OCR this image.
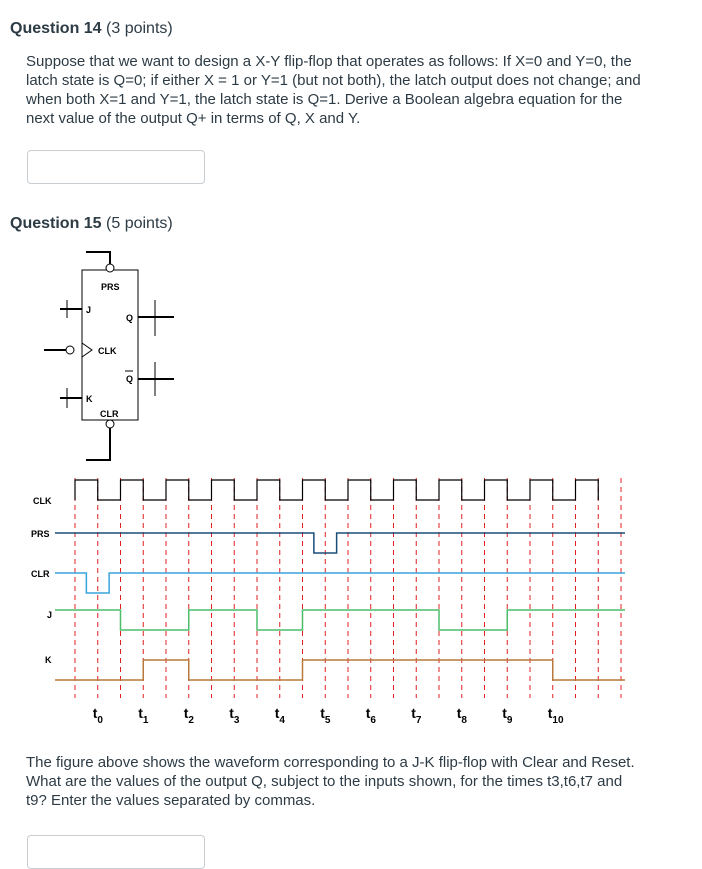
Question 14 (3 points)
Suppose that we want to design a X-Y flip-flop that operates as follows: If X=0 and Y=0, the latch state is Q=0; if either X = 1 or Y=1 (but not both), the latch output does not change; and when both X=1 and Y=1, the latch state is Q=1. Derive a Boolean algebra equation for the next value of the output Q+ in terms of Q, X and Y.
Question 15 (5 points)
PRS
J
Q
CLK
Q
K
CLR
CLK
PRS
CLR
J
K
$t_0$	$t_1$	$t_2$	$t_3$	$t_4$	$t_5$	$t_6$	$t_7$	$t_8$	$t_9$	$t_{10}$
The figure above shows the waveform corresponding to a J-K flip-flop with Clear and Reset. What are the values of the output Q, subject to the inputs shown, for the times t3,t6,t7 and t9? Enter the values separated by commas.
